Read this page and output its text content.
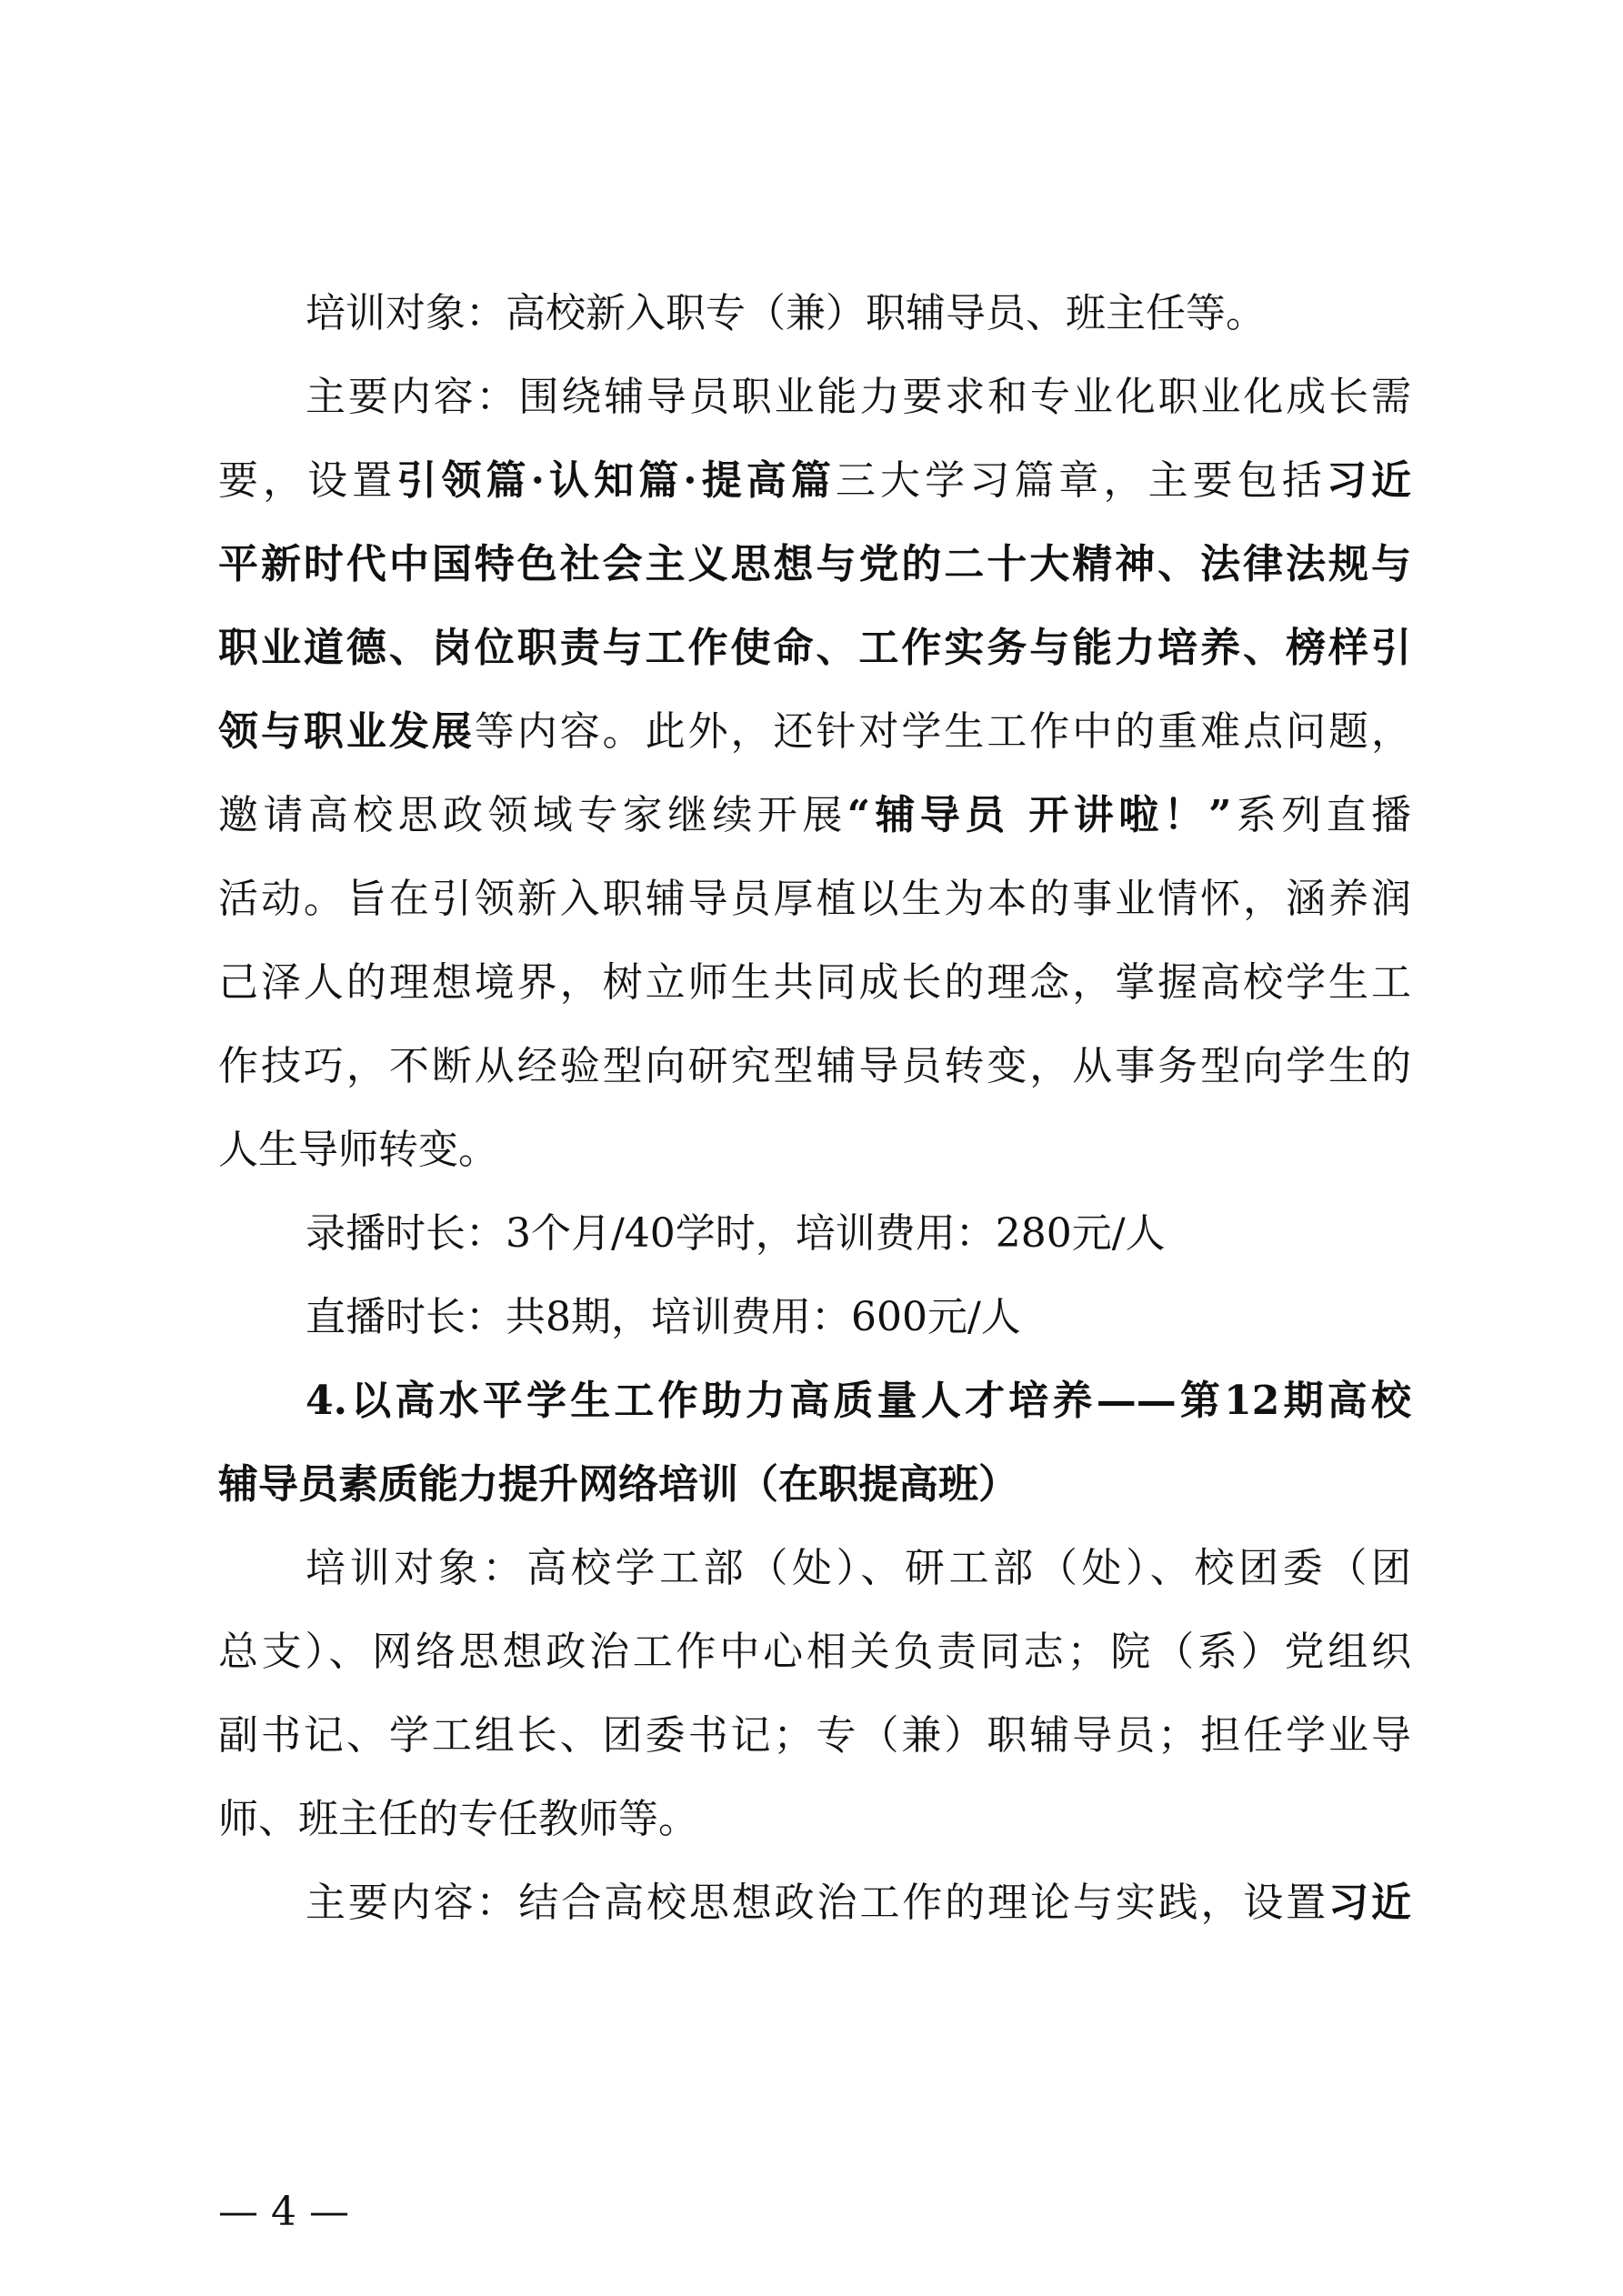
培训对象：高校新入职专（兼）职辅导员、班主任等。
主要内容：围绕辅导员职业能力要求和专业化职业化成长需
要，设置引领篇·认知篇·提高篇三大学习篇章，主要包括习近
平新时代中国特色社会主义思想与党的二十大精神、法律法规与
职业道德、岗位职责与工作使命、工作实务与能力培养、榜样引
领与职业发展等内容。此外，还针对学生工作中的重难点问题，
邀请高校思政领域专家继续开展“辅导员 开讲啦！”系列直播
活动。旨在引领新入职辅导员厚植以生为本的事业情怀，涵养润
己泽人的理想境界，树立师生共同成长的理念，掌握高校学生工
作技巧，不断从经验型向研究型辅导员转变，从事务型向学生的
人生导师转变。
录播时长：3个月/40学时，培训费用：280元/人
直播时长：共8期，培训费用：600元/人
4.以高水平学生工作助力高质量人才培养——第12期高校
辅导员素质能力提升网络培训（在职提高班）
培训对象：高校学工部（处）、研工部（处）、校团委（团
总支）、网络思想政治工作中心相关负责同志；院（系）党组织
副书记、学工组长、团委书记；专（兼）职辅导员；担任学业导
师、班主任的专任教师等。
主要内容：结合高校思想政治工作的理论与实践，设置习近
— 4 —
